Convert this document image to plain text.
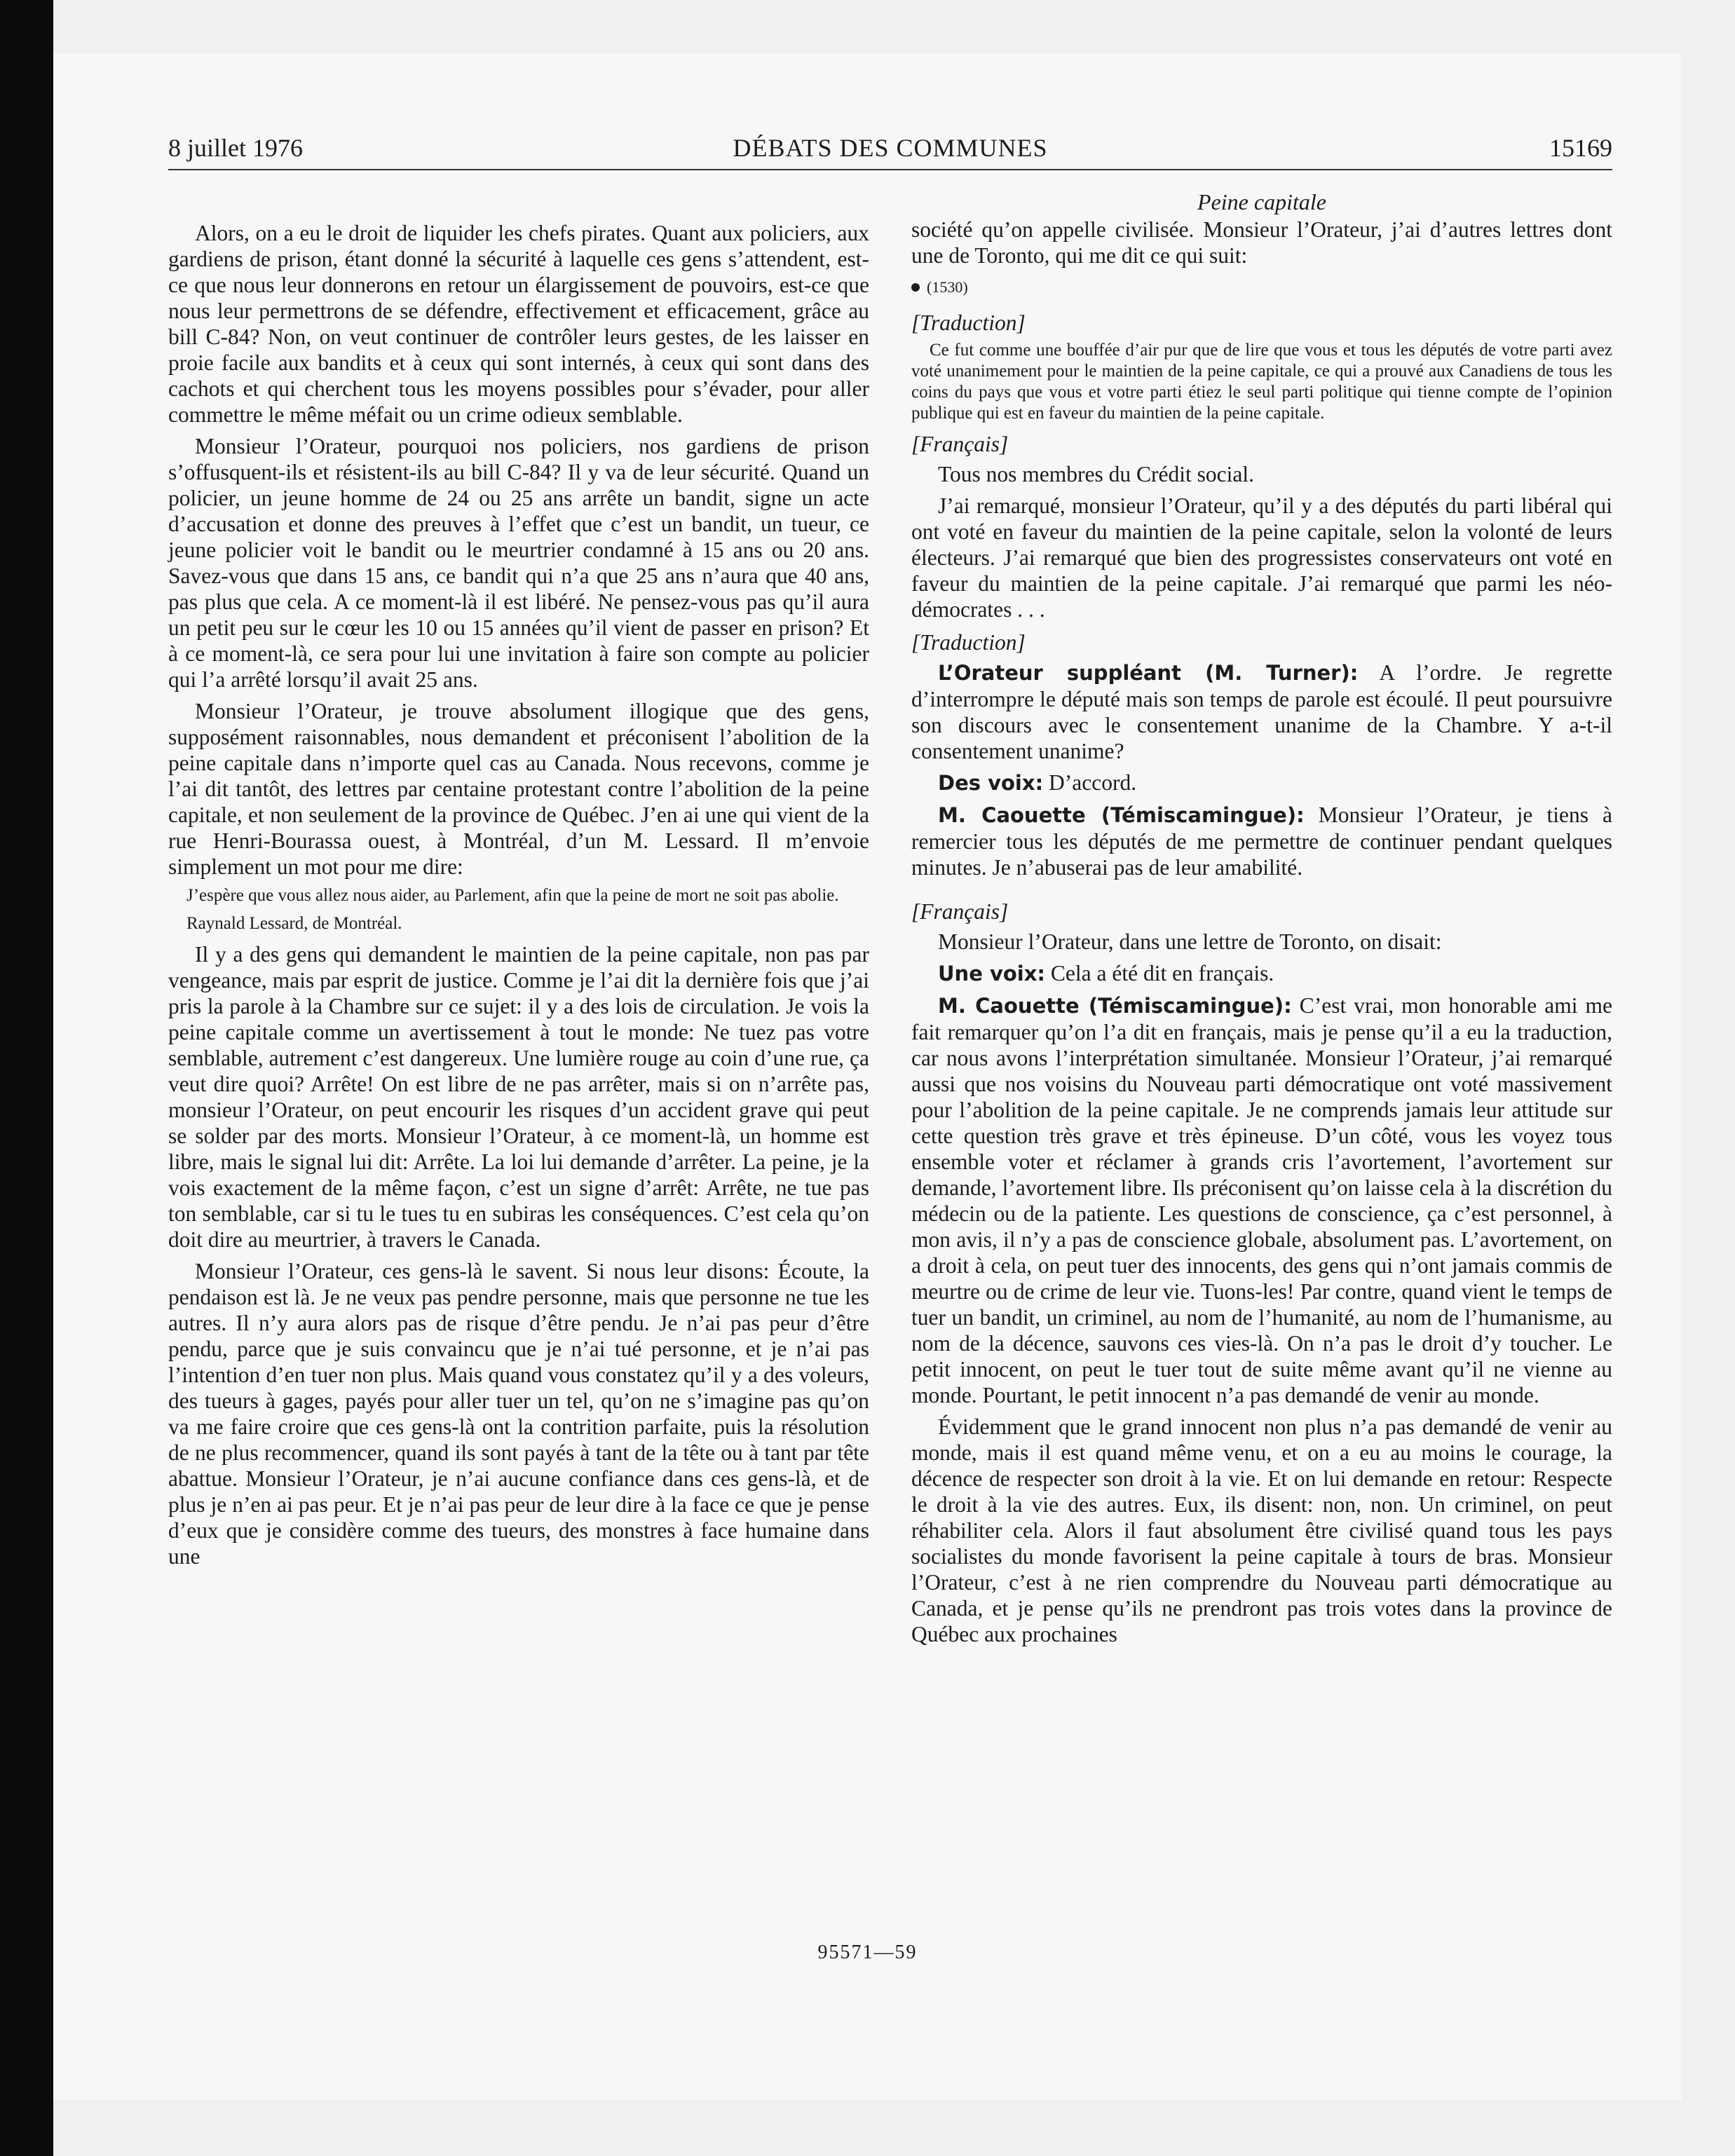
8 juillet 1976	DÉBATS DES COMMUNES	15169

Alors, on a eu le droit de liquider les chefs pirates. Quant aux policiers, aux gardiens de prison, étant donné la sécurité à laquelle ces gens s’attendent, est-ce que nous leur donnerons en retour un élargissement de pouvoirs, est-ce que nous leur permettrons de se défendre, effectivement et efficacement, grâce au bill C-84? Non, on veut continuer de contrôler leurs gestes, de les laisser en proie facile aux bandits et à ceux qui sont internés, à ceux qui sont dans des cachots et qui cherchent tous les moyens possibles pour s’évader, pour aller commettre le même méfait ou un crime odieux semblable.

Monsieur l’Orateur, pourquoi nos policiers, nos gardiens de prison s’offusquent-ils et résistent-ils au bill C-84? Il y va de leur sécurité. Quand un policier, un jeune homme de 24 ou 25 ans arrête un bandit, signe un acte d’accusation et donne des preuves à l’effet que c’est un bandit, un tueur, ce jeune policier voit le bandit ou le meurtrier condamné à 15 ans ou 20 ans. Savez-vous que dans 15 ans, ce bandit qui n’a que 25 ans n’aura que 40 ans, pas plus que cela. A ce moment-là il est libéré. Ne pensez-vous pas qu’il aura un petit peu sur le cœur les 10 ou 15 années qu’il vient de passer en prison? Et à ce moment-là, ce sera pour lui une invitation à faire son compte au policier qui l’a arrêté lorsqu’il avait 25 ans.

Monsieur l’Orateur, je trouve absolument illogique que des gens, supposément raisonnables, nous demandent et préconisent l’abolition de la peine capitale dans n’importe quel cas au Canada. Nous recevons, comme je l’ai dit tantôt, des lettres par centaine protestant contre l’abolition de la peine capitale, et non seulement de la province de Québec. J’en ai une qui vient de la rue Henri-Bourassa ouest, à Montréal, d’un M. Lessard. Il m’envoie simplement un mot pour me dire:

J’espère que vous allez nous aider, au Parlement, afin que la peine de mort ne soit pas abolie.
Raynald Lessard, de Montréal.

Il y a des gens qui demandent le maintien de la peine capitale, non pas par vengeance, mais par esprit de justice. Comme je l’ai dit la dernière fois que j’ai pris la parole à la Chambre sur ce sujet: il y a des lois de circulation. Je vois la peine capitale comme un avertissement à tout le monde: Ne tuez pas votre semblable, autrement c’est dangereux. Une lumière rouge au coin d’une rue, ça veut dire quoi? Arrête! On est libre de ne pas arrêter, mais si on n’arrête pas, monsieur l’Orateur, on peut encourir les risques d’un accident grave qui peut se solder par des morts. Monsieur l’Orateur, à ce moment-là, un homme est libre, mais le signal lui dit: Arrête. La loi lui demande d’arrêter. La peine, je la vois exactement de la même façon, c’est un signe d’arrêt: Arrête, ne tue pas ton semblable, car si tu le tues tu en subiras les conséquences. C’est cela qu’on doit dire au meurtrier, à travers le Canada.

Monsieur l’Orateur, ces gens-là le savent. Si nous leur disons: Écoute, la pendaison est là. Je ne veux pas pendre personne, mais que personne ne tue les autres. Il n’y aura alors pas de risque d’être pendu. Je n’ai pas peur d’être pendu, parce que je suis convaincu que je n’ai tué personne, et je n’ai pas l’intention d’en tuer non plus. Mais quand vous constatez qu’il y a des voleurs, des tueurs à gages, payés pour aller tuer un tel, qu’on ne s’imagine pas qu’on va me faire croire que ces gens-là ont la contrition parfaite, puis la résolution de ne plus recommencer, quand ils sont payés à tant de la tête ou à tant par tête abattue. Monsieur l’Orateur, je n’ai aucune confiance dans ces gens-là, et de plus je n’en ai pas peur. Et je n’ai pas peur de leur dire à la face ce que je pense d’eux que je considère comme des tueurs, des monstres à face humaine dans une

Peine capitale

société qu’on appelle civilisée. Monsieur l’Orateur, j’ai d’autres lettres dont une de Toronto, qui me dit ce qui suit:

(1530)
[Traduction]
Ce fut comme une bouffée d’air pur que de lire que vous et tous les députés de votre parti avez voté unanimement pour le maintien de la peine capitale, ce qui a prouvé aux Canadiens de tous les coins du pays que vous et votre parti étiez le seul parti politique qui tienne compte de l’opinion publique qui est en faveur du maintien de la peine capitale.
[Français]

Tous nos membres du Crédit social.

J’ai remarqué, monsieur l’Orateur, qu’il y a des députés du parti libéral qui ont voté en faveur du maintien de la peine capitale, selon la volonté de leurs électeurs. J’ai remarqué que bien des progressistes conservateurs ont voté en faveur du maintien de la peine capitale. J’ai remarqué que parmi les néo-démocrates . . .

[Traduction]

L’Orateur suppléant (M. Turner): A l’ordre. Je regrette d’interrompre le député mais son temps de parole est écoulé. Il peut poursuivre son discours avec le consentement unanime de la Chambre. Y a-t-il consentement unanime?

Des voix: D’accord.

M. Caouette (Témiscamingue): Monsieur l’Orateur, je tiens à remercier tous les députés de me permettre de continuer pendant quelques minutes. Je n’abuserai pas de leur amabilité.

[Français]

Monsieur l’Orateur, dans une lettre de Toronto, on disait:

Une voix: Cela a été dit en français.

M. Caouette (Témiscamingue): C’est vrai, mon honorable ami me fait remarquer qu’on l’a dit en français, mais je pense qu’il a eu la traduction, car nous avons l’interprétation simultanée. Monsieur l’Orateur, j’ai remarqué aussi que nos voisins du Nouveau parti démocratique ont voté massivement pour l’abolition de la peine capitale. Je ne comprends jamais leur attitude sur cette question très grave et très épineuse. D’un côté, vous les voyez tous ensemble voter et réclamer à grands cris l’avortement, l’avortement sur demande, l’avortement libre. Ils préconisent qu’on laisse cela à la discrétion du médecin ou de la patiente. Les questions de conscience, ça c’est personnel, à mon avis, il n’y a pas de conscience globale, absolument pas. L’avortement, on a droit à cela, on peut tuer des innocents, des gens qui n’ont jamais commis de meurtre ou de crime de leur vie. Tuons-les! Par contre, quand vient le temps de tuer un bandit, un criminel, au nom de l’humanité, au nom de l’humanisme, au nom de la décence, sauvons ces vies-là. On n’a pas le droit d’y toucher. Le petit innocent, on peut le tuer tout de suite même avant qu’il ne vienne au monde. Pourtant, le petit innocent n’a pas demandé de venir au monde.

Évidemment que le grand innocent non plus n’a pas demandé de venir au monde, mais il est quand même venu, et on a eu au moins le courage, la décence de respecter son droit à la vie. Et on lui demande en retour: Respecte le droit à la vie des autres. Eux, ils disent: non, non. Un criminel, on peut réhabiliter cela. Alors il faut absolument être civilisé quand tous les pays socialistes du monde favorisent la peine capitale à tours de bras. Monsieur l’Orateur, c’est à ne rien comprendre du Nouveau parti démocratique au Canada, et je pense qu’ils ne prendront pas trois votes dans la province de Québec aux prochaines

95571—59
